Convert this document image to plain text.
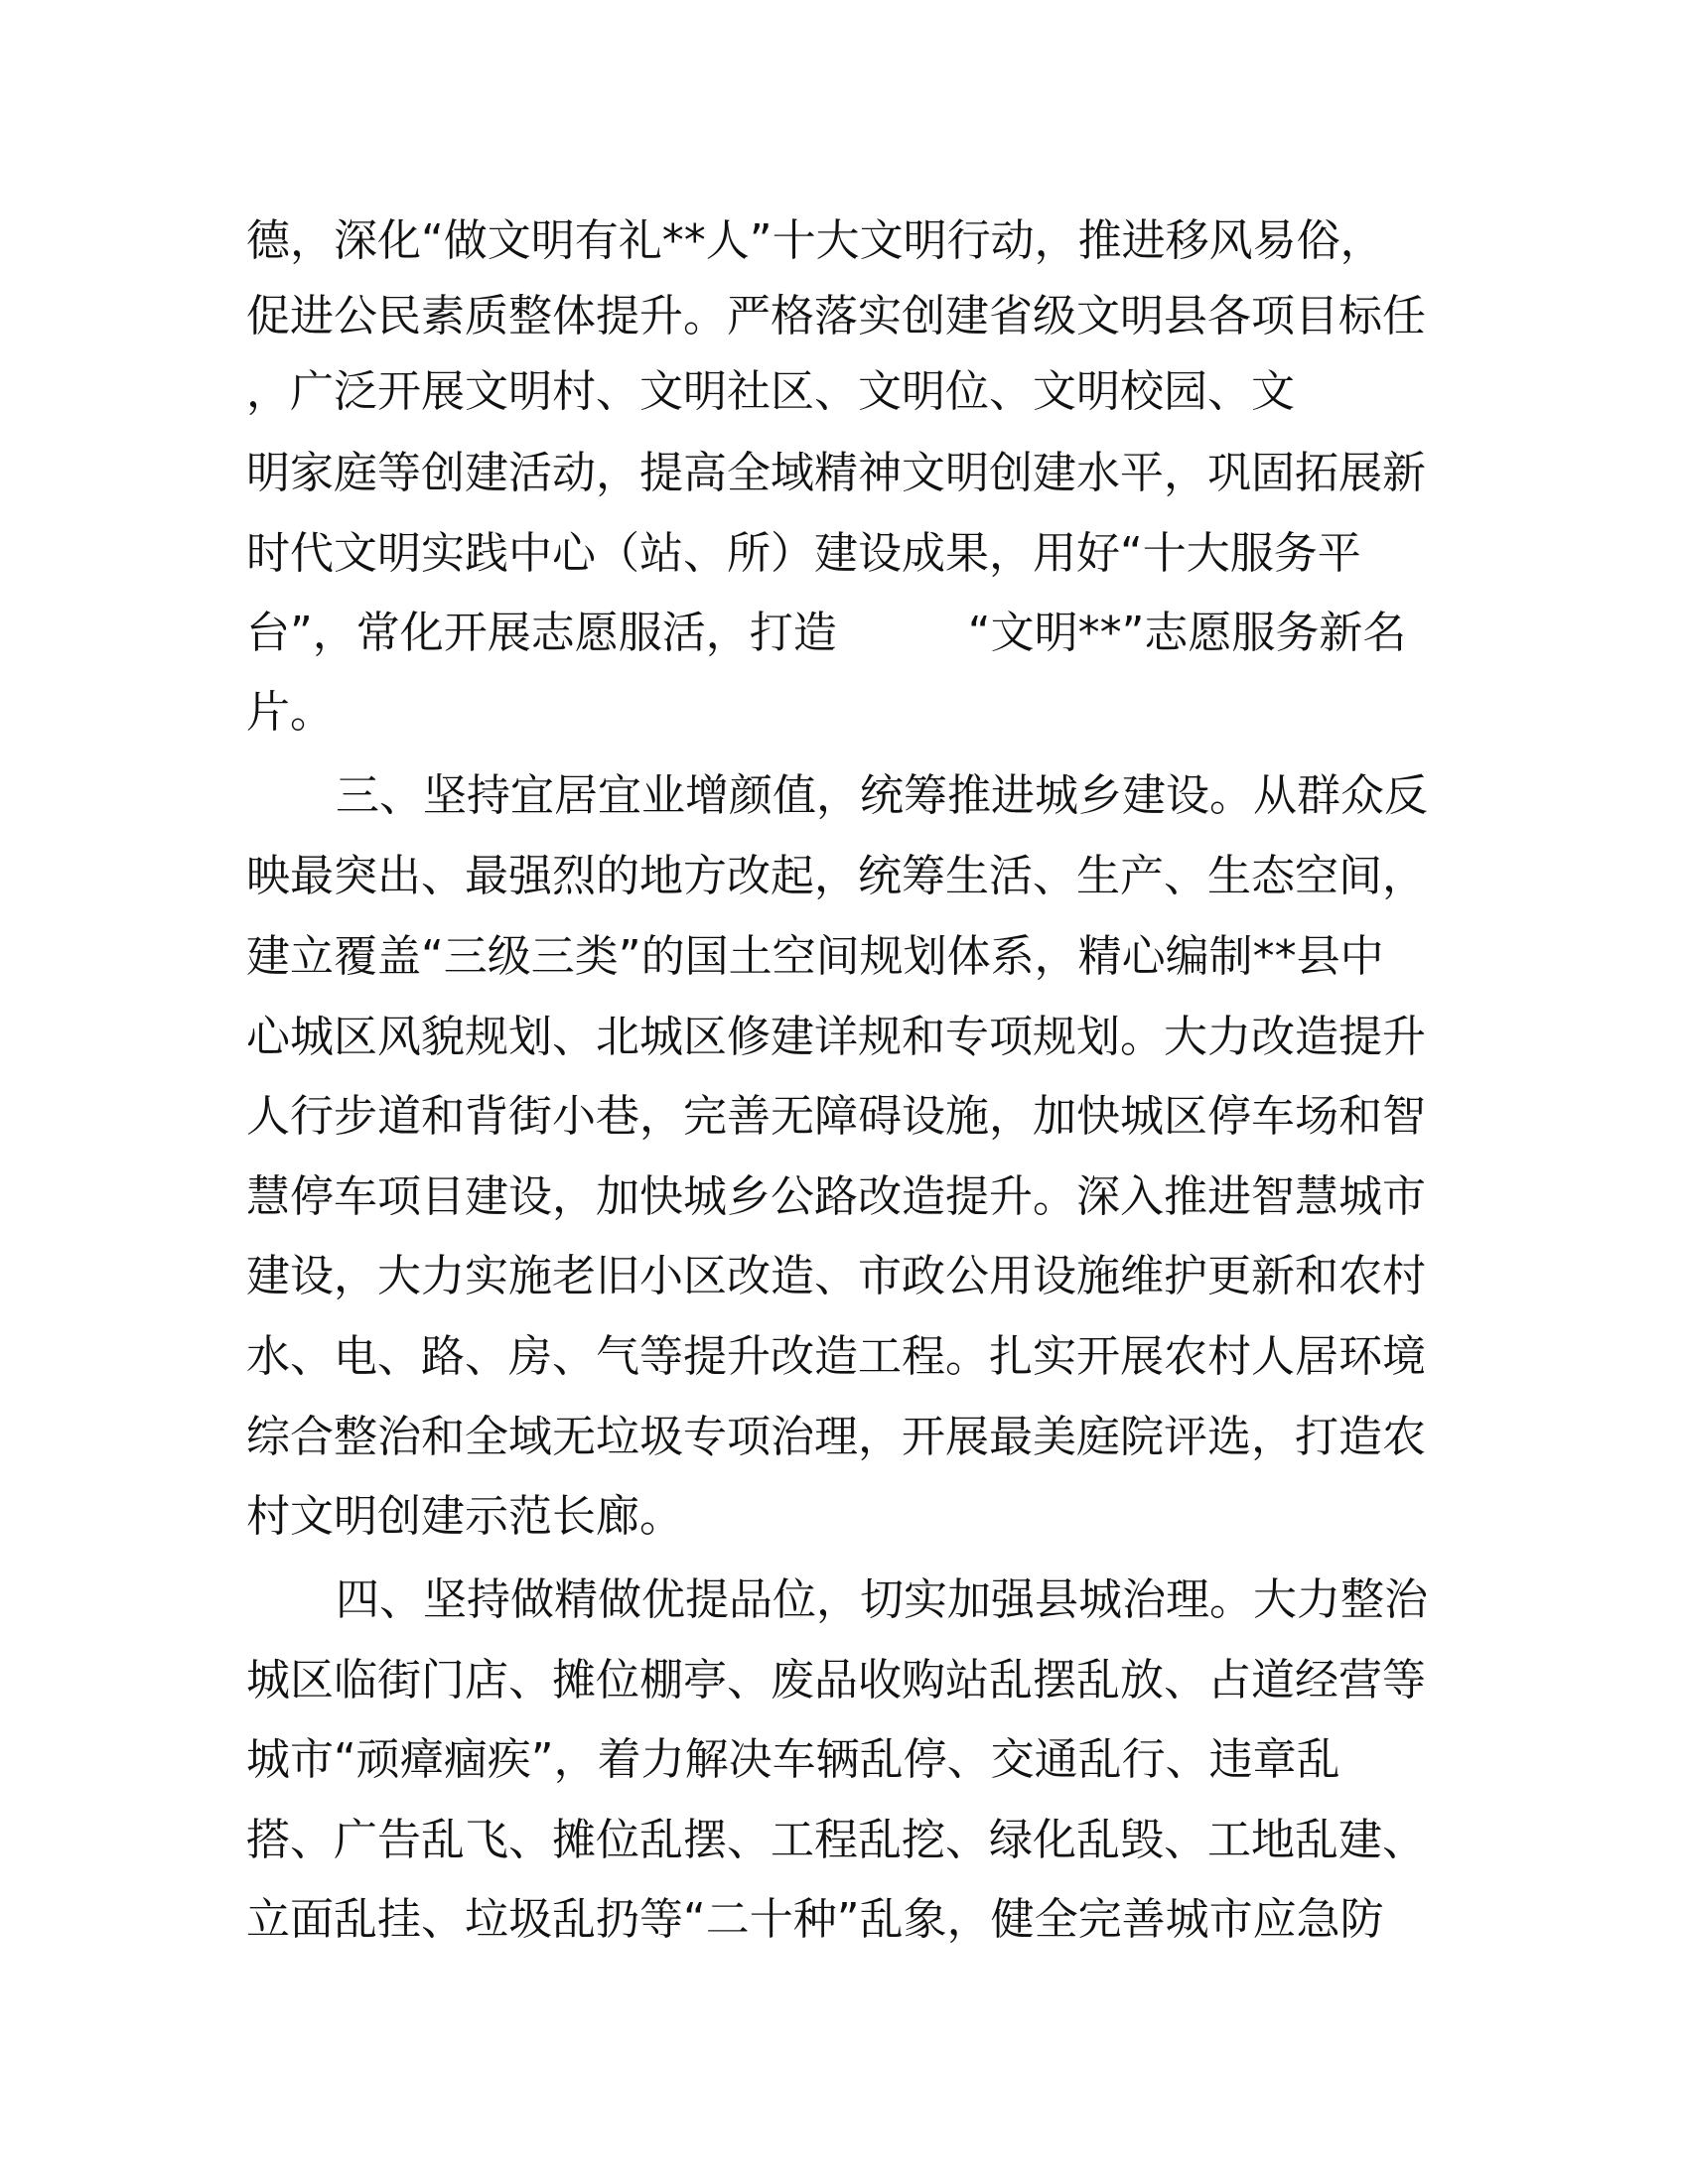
德，深化“做文明有礼**人”十大文明行动，推进移风易俗，
促进公民素质整体提升。严格落实创建省级文明县各项目标任
，广泛开展文明村、文明社区、文明位、文明校园、文
明家庭等创建活动，提高全域精神文明创建水平，巩固拓展新
时代文明实践中心（站、所）建设成果，用好“十大服务平
台”，常化开展志愿服活，打造　　　“文明**”志愿服务新名
片。
三、坚持宜居宜业增颜值，统筹推进城乡建设。从群众反
映最突出、最强烈的地方改起，统筹生活、生产、生态空间，
建立覆盖“三级三类”的国土空间规划体系，精心编制**县中
心城区风貌规划、北城区修建详规和专项规划。大力改造提升
人行步道和背街小巷，完善无障碍设施，加快城区停车场和智
慧停车项目建设，加快城乡公路改造提升。深入推进智慧城市
建设，大力实施老旧小区改造、市政公用设施维护更新和农村
水、电、路、房、气等提升改造工程。扎实开展农村人居环境
综合整治和全域无垃圾专项治理，开展最美庭院评选，打造农
村文明创建示范长廊。
四、坚持做精做优提品位，切实加强县城治理。大力整治
城区临街门店、摊位棚亭、废品收购站乱摆乱放、占道经营等
城市“顽瘴痼疾”，着力解决车辆乱停、交通乱行、违章乱
搭、广告乱飞、摊位乱摆、工程乱挖、绿化乱毁、工地乱建、
立面乱挂、垃圾乱扔等“二十种”乱象，健全完善城市应急防
